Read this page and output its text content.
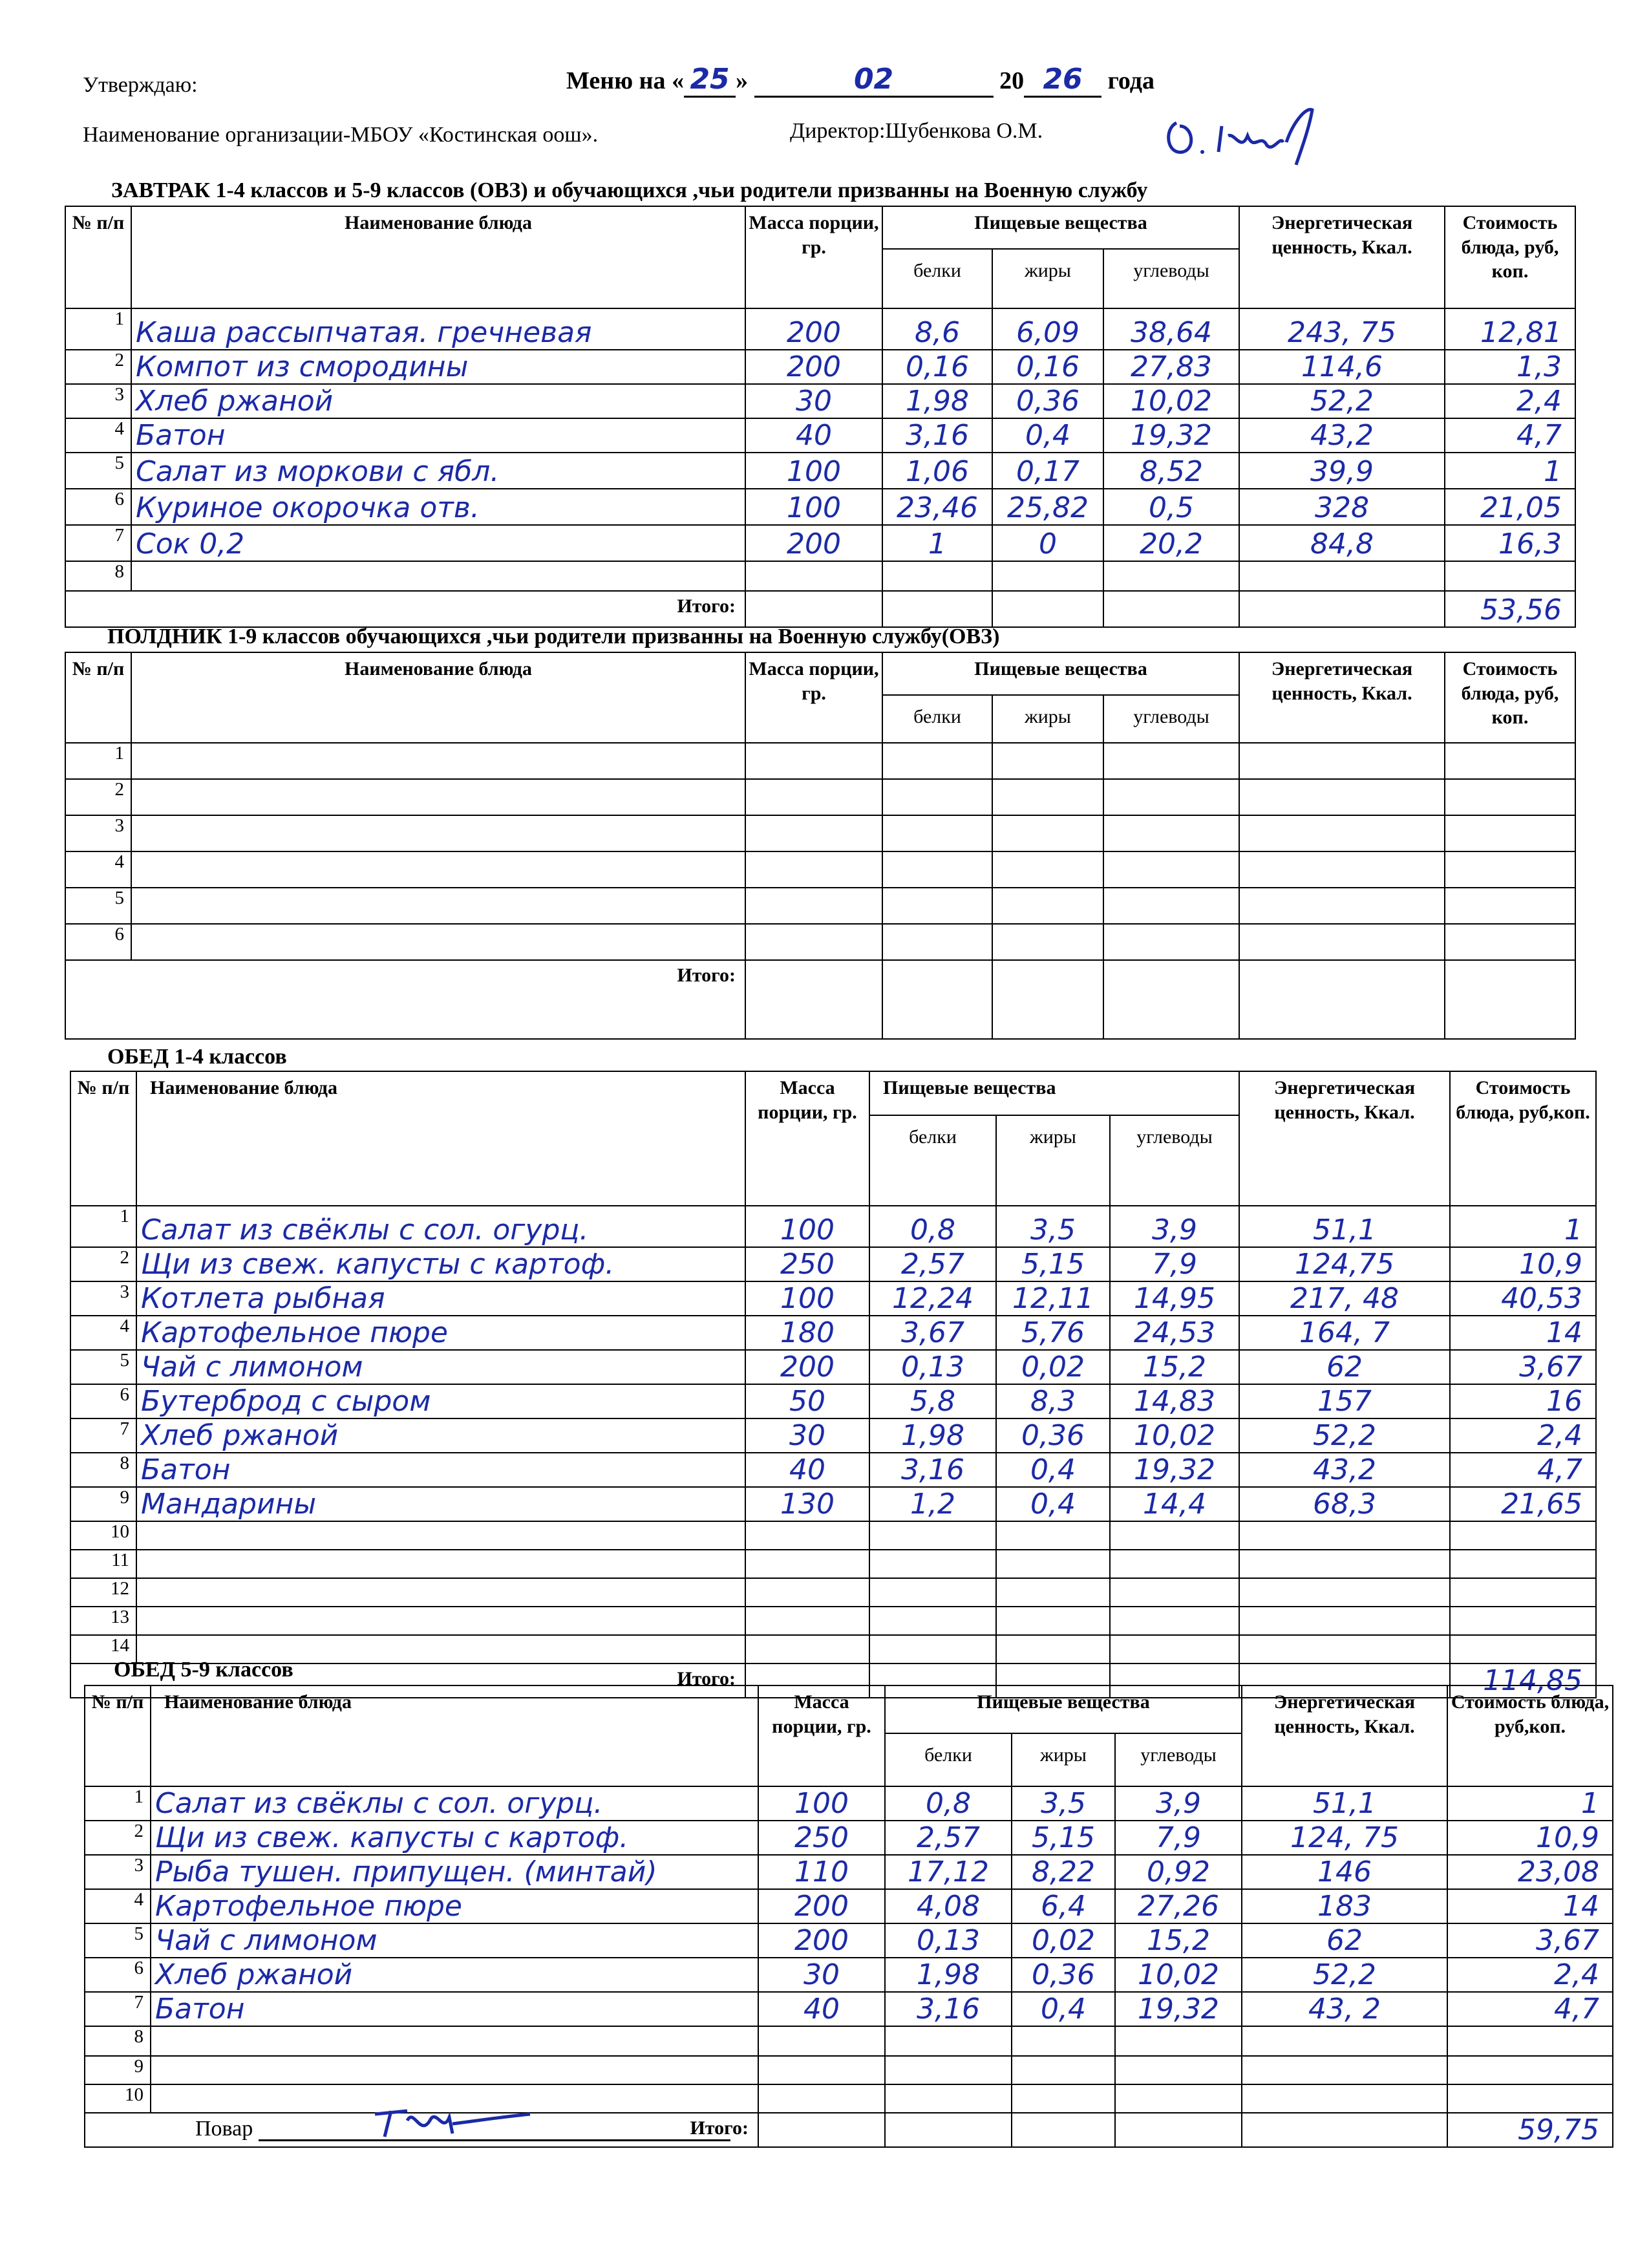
Утверждаю:	Меню на « 25 »	02	20 26 года
Наименование организации-МБОУ «Костинская оош».	Директор:Шубенкова О.М.
ЗАВТРАК 1-4 классов и 5-9 классов (ОВЗ) и обучающихся ,чьи родители призванны на Военную службу
№ п/п	Наименование блюда	Масса порции, гр.	Пищевые вещества			Энергетическая ценность, Ккал.	Стоимость блюда, руб, коп.
			белки	жиры	углеводы		
1	Каша рассыпчатая. гречневая	200	8,6	6,09	38,64	243, 75	12,81
2	Компот из смородины	200	0,16	0,16	27,83	114,6	1,3
3	Хлеб ржаной	30	1,98	0,36	10,02	52,2	2,4
4	Батон	40	3,16	0,4	19,32	43,2	4,7
5	Салат из моркови с ябл.	100	1,06	0,17	8,52	39,9	1
6	Куриное окорочка отв.	100	23,46	25,82	0,5	328	21,05
7	Сок 0,2	200	1	0	20,2	84,8	16,3
8							
Итого:							53,56
ПОЛДНИК 1-9 классов обучающихся ,чьи родители призванны на Военную службу(ОВЗ)
№ п/п	Наименование блюда	Масса порции, гр.	Пищевые вещества			Энергетическая ценность, Ккал.	Стоимость блюда, руб, коп.
			белки	жиры	углеводы		
1							
2							
3							
4							
5							
6							
Итого:							
ОБЕД 1-4 классов
№ п/п	Наименование блюда	Масса порции, гр.	Пищевые вещества			Энергетическая ценность, Ккал.	Стоимость блюда, руб,коп.
			белки	жиры	углеводы		
1	Салат из свёклы с сол. огурц.	100	0,8	3,5	3,9	51,1	1
2	Щи из свеж. капусты с картоф.	250	2,57	5,15	7,9	124,75	10,9
3	Котлета рыбная	100	12,24	12,11	14,95	217, 48	40,53
4	Картофельное пюре	180	3,67	5,76	24,53	164, 7	14
5	Чай с лимоном	200	0,13	0,02	15,2	62	3,67
6	Бутерброд с сыром	50	5,8	8,3	14,83	157	16
7	Хлеб ржаной	30	1,98	0,36	10,02	52,2	2,4
8	Батон	40	3,16	0,4	19,32	43,2	4,7
9	Мандарины	130	1,2	0,4	14,4	68,3	21,65
10							
11							
12							
13							
14							
Итого:							114,85
ОБЕД 5-9 классов
№ п/п	Наименование блюда	Масса порции, гр.	Пищевые вещества			Энергетическая ценность, Ккал.	Стоимость блюда, руб,коп.
			белки	жиры	углеводы		
1	Салат из свёклы с сол. огурц.	100	0,8	3,5	3,9	51,1	1
2	Щи из свеж. капусты с картоф.	250	2,57	5,15	7,9	124, 75	10,9
3	Рыба тушен. припущен. (минтай)	110	17,12	8,22	0,92	146	23,08
4	Картофельное пюре	200	4,08	6,4	27,26	183	14
5	Чай с лимоном	200	0,13	0,02	15,2	62	3,67
6	Хлеб ржаной	30	1,98	0,36	10,02	52,2	2,4
7	Батон	40	3,16	0,4	19,32	43, 2	4,7
8							
9							
10							
Итого:							59,75
Повар
